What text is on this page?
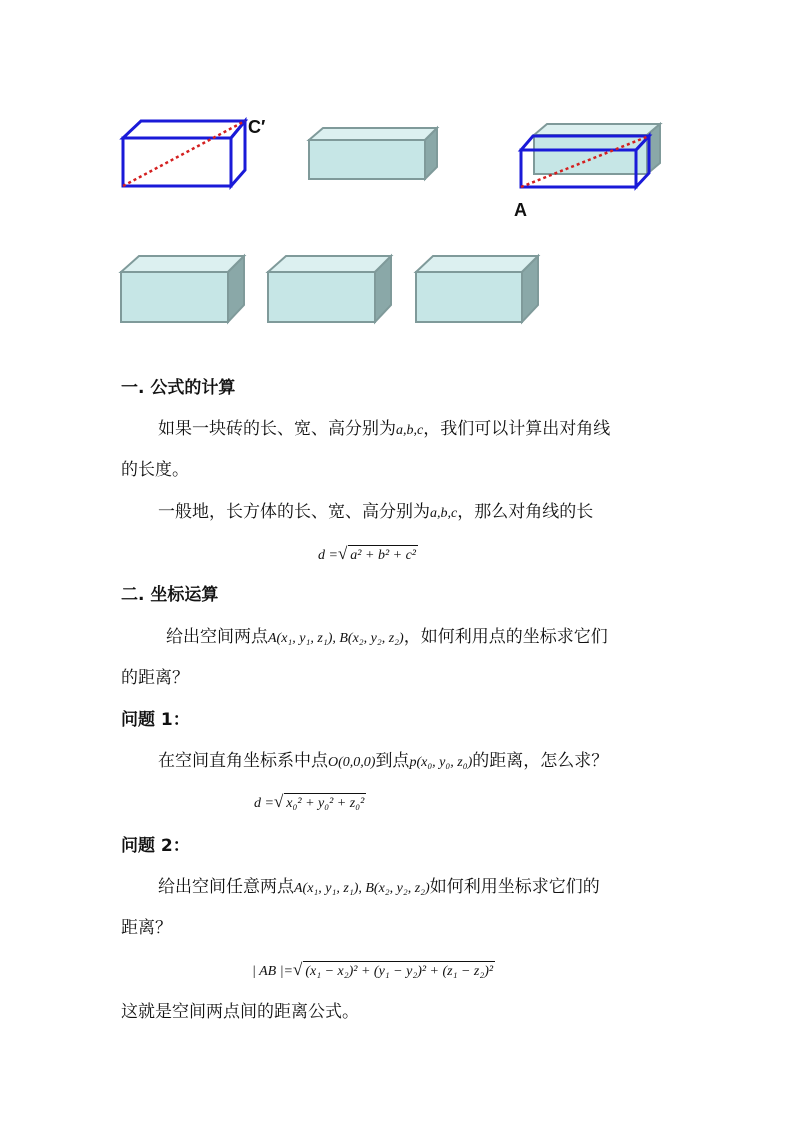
C′
A
一. 公式的计算
如果一块砖的长、宽、高分别为a,b,c，我们可以计算出对角线
的长度。
一般地，长方体的长、宽、高分别为a,b,c，那么对角线的长
d =√ a² + b² + c²
二. 坐标运算
给出空间两点A(x₁, y₁, z₁), B(x₂, y₂, z₂)，如何利用点的坐标求它们
的距离？
问题 1：
在空间直角坐标系中点O(0,0,0)到点p(x₀, y₀, z₀)的距离，怎么求？
d =√ x₀² + y₀² + z₀²
问题 2：
给出空间任意两点A(x₁, y₁, z₁), B(x₂, y₂, z₂)如何利用坐标求它们的
距离？
| AB |=√ (x₁ − x₂)² + (y₁ − y₂)² + (z₁ − z₂)²
这就是空间两点间的距离公式。
